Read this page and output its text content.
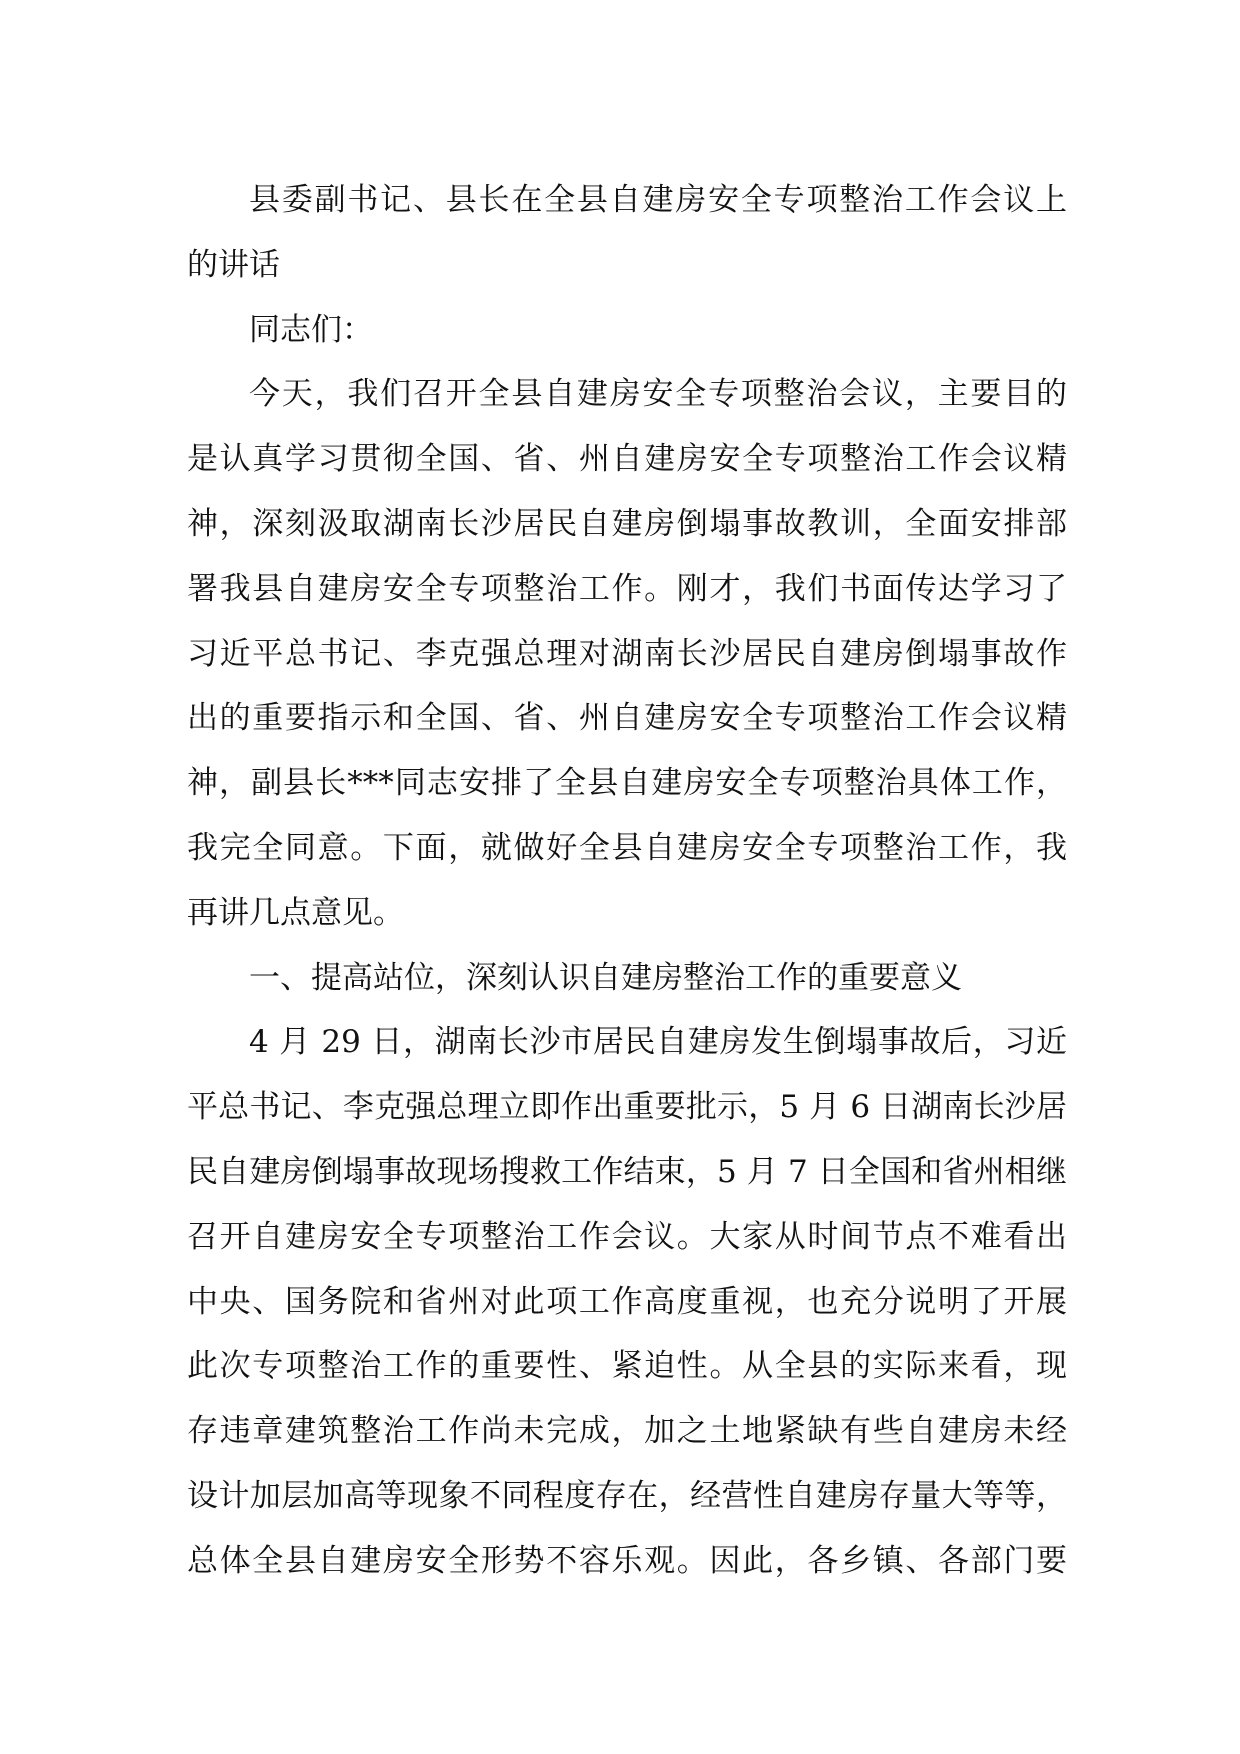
县委副书记、县长在全县自建房安全专项整治工作会议上
的讲话
同志们：
今天，我们召开全县自建房安全专项整治会议，主要目的
是认真学习贯彻全国、省、州自建房安全专项整治工作会议精
神，深刻汲取湖南长沙居民自建房倒塌事故教训，全面安排部
署我县自建房安全专项整治工作。刚才，我们书面传达学习了
习近平总书记、李克强总理对湖南长沙居民自建房倒塌事故作
出的重要指示和全国、省、州自建房安全专项整治工作会议精
神，副县长***同志安排了全县自建房安全专项整治具体工作，
我完全同意。下面，就做好全县自建房安全专项整治工作，我
再讲几点意见。
一、提高站位，深刻认识自建房整治工作的重要意义
4 月 29 日，湖南长沙市居民自建房发生倒塌事故后，习近
平总书记、李克强总理立即作出重要批示，5 月 6 日湖南长沙居
民自建房倒塌事故现场搜救工作结束，5 月 7 日全国和省州相继
召开自建房安全专项整治工作会议。大家从时间节点不难看出
中央、国务院和省州对此项工作高度重视，也充分说明了开展
此次专项整治工作的重要性、紧迫性。从全县的实际来看，现
存违章建筑整治工作尚未完成，加之土地紧缺有些自建房未经
设计加层加高等现象不同程度存在，经营性自建房存量大等等，
总体全县自建房安全形势不容乐观。因此，各乡镇、各部门要
